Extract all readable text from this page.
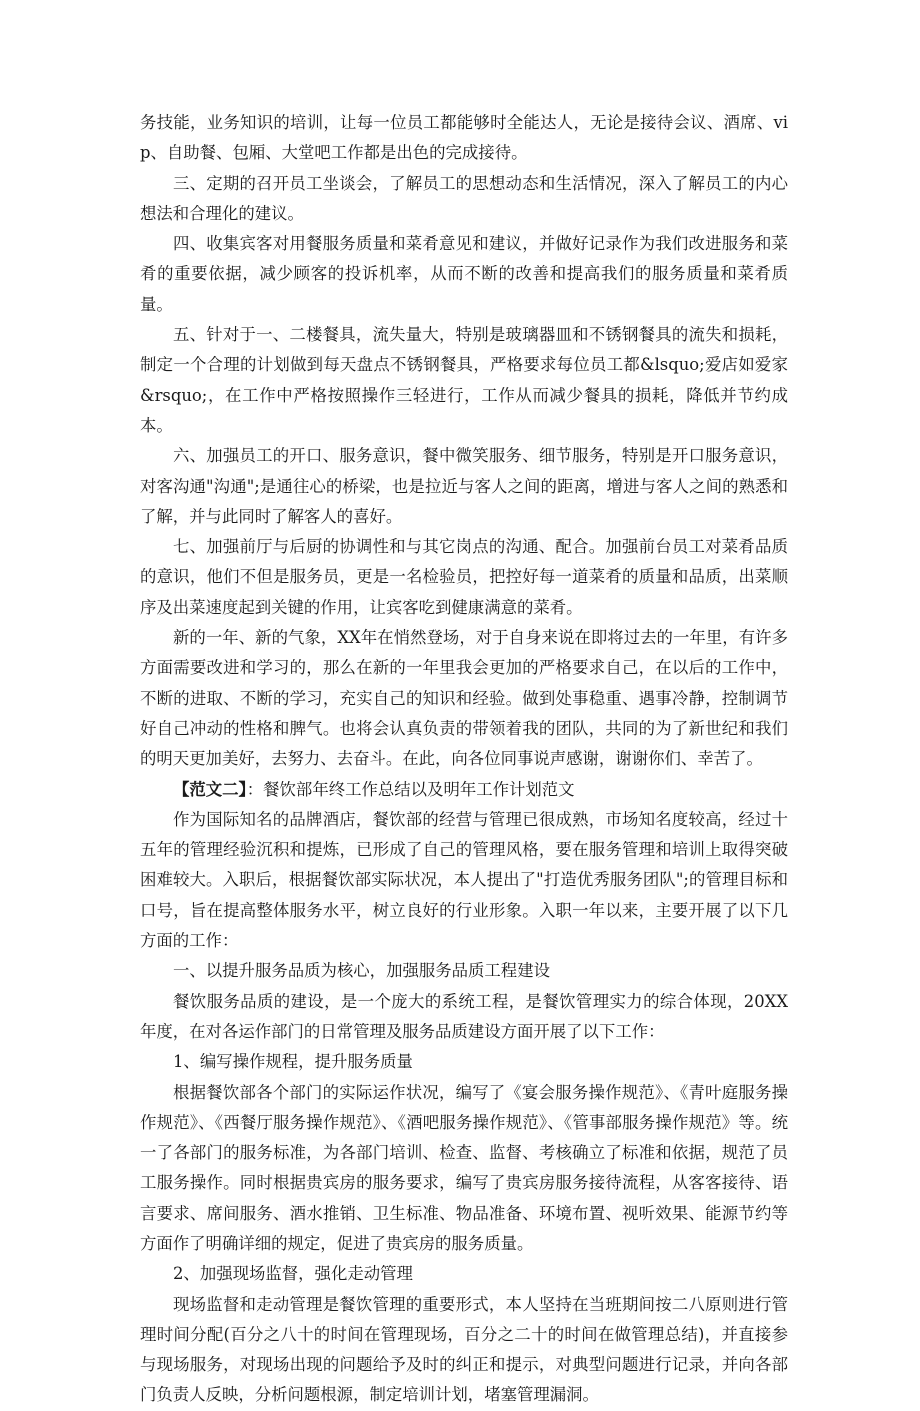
务技能，业务知识的培训，让每一位员工都能够时全能达人，无论是接待会议、酒席、vip、自助餐、包厢、大堂吧工作都是出色的完成接待。

三、定期的召开员工坐谈会，了解员工的思想动态和生活情况，深入了解员工的内心想法和合理化的建议。

四、收集宾客对用餐服务质量和菜肴意见和建议，并做好记录作为我们改进服务和菜肴的重要依据，减少顾客的投诉机率，从而不断的改善和提高我们的服务质量和菜肴质量。

五、针对于一、二楼餐具，流失量大，特别是玻璃器皿和不锈钢餐具的流失和损耗，制定一个合理的计划做到每天盘点不锈钢餐具，严格要求每位员工都&lsquo;爱店如爱家&rsquo;，在工作中严格按照操作三轻进行，工作从而减少餐具的损耗，降低并节约成本。

六、加强员工的开口、服务意识，餐中微笑服务、细节服务，特别是开口服务意识，对客沟通"沟通";是通往心的桥梁，也是拉近与客人之间的距离，增进与客人之间的熟悉和了解，并与此同时了解客人的喜好。

七、加强前厅与后厨的协调性和与其它岗点的沟通、配合。加强前台员工对菜肴品质的意识，他们不但是服务员，更是一名检验员，把控好每一道菜肴的质量和品质，出菜顺序及出菜速度起到关键的作用，让宾客吃到健康满意的菜肴。

新的一年、新的气象，XX年在悄然登场，对于自身来说在即将过去的一年里，有许多方面需要改进和学习的，那么在新的一年里我会更加的严格要求自己，在以后的工作中，不断的进取、不断的学习，充实自己的知识和经验。做到处事稳重、遇事冷静，控制调节好自己冲动的性格和脾气。也将会认真负责的带领着我的团队，共同的为了新世纪和我们的明天更加美好，去努力、去奋斗。在此，向各位同事说声感谢，谢谢你们、幸苦了。

【范文二】：餐饮部年终工作总结以及明年工作计划范文

作为国际知名的品牌酒店，餐饮部的经营与管理已很成熟，市场知名度较高，经过十五年的管理经验沉积和提炼，已形成了自己的管理风格，要在服务管理和培训上取得突破困难较大。入职后，根据餐饮部实际状况，本人提出了"打造优秀服务团队";的管理目标和口号，旨在提高整体服务水平，树立良好的行业形象。入职一年以来，主要开展了以下几方面的工作：

一、以提升服务品质为核心，加强服务品质工程建设

餐饮服务品质的建设，是一个庞大的系统工程，是餐饮管理实力的综合体现，20XX年度，在对各运作部门的日常管理及服务品质建设方面开展了以下工作：

1、编写操作规程，提升服务质量

根据餐饮部各个部门的实际运作状况，编写了《宴会服务操作规范》、《青叶庭服务操作规范》、《西餐厅服务操作规范》、《酒吧服务操作规范》、《管事部服务操作规范》等。统一了各部门的服务标准，为各部门培训、检查、监督、考核确立了标准和依据，规范了员工服务操作。同时根据贵宾房的服务要求，编写了贵宾房服务接待流程，从客客接待、语言要求、席间服务、酒水推销、卫生标准、物品准备、环境布置、视听效果、能源节约等方面作了明确详细的规定，促进了贵宾房的服务质量。

2、加强现场监督，强化走动管理

现场监督和走动管理是餐饮管理的重要形式，本人坚持在当班期间按二八原则进行管理时间分配(百分之八十的时间在管理现场，百分之二十的时间在做管理总结)，并直接参与现场服务，对现场出现的问题给予及时的纠正和提示，对典型问题进行记录，并向各部门负责人反映，分析问题根源，制定培训计划，堵塞管理漏洞。
